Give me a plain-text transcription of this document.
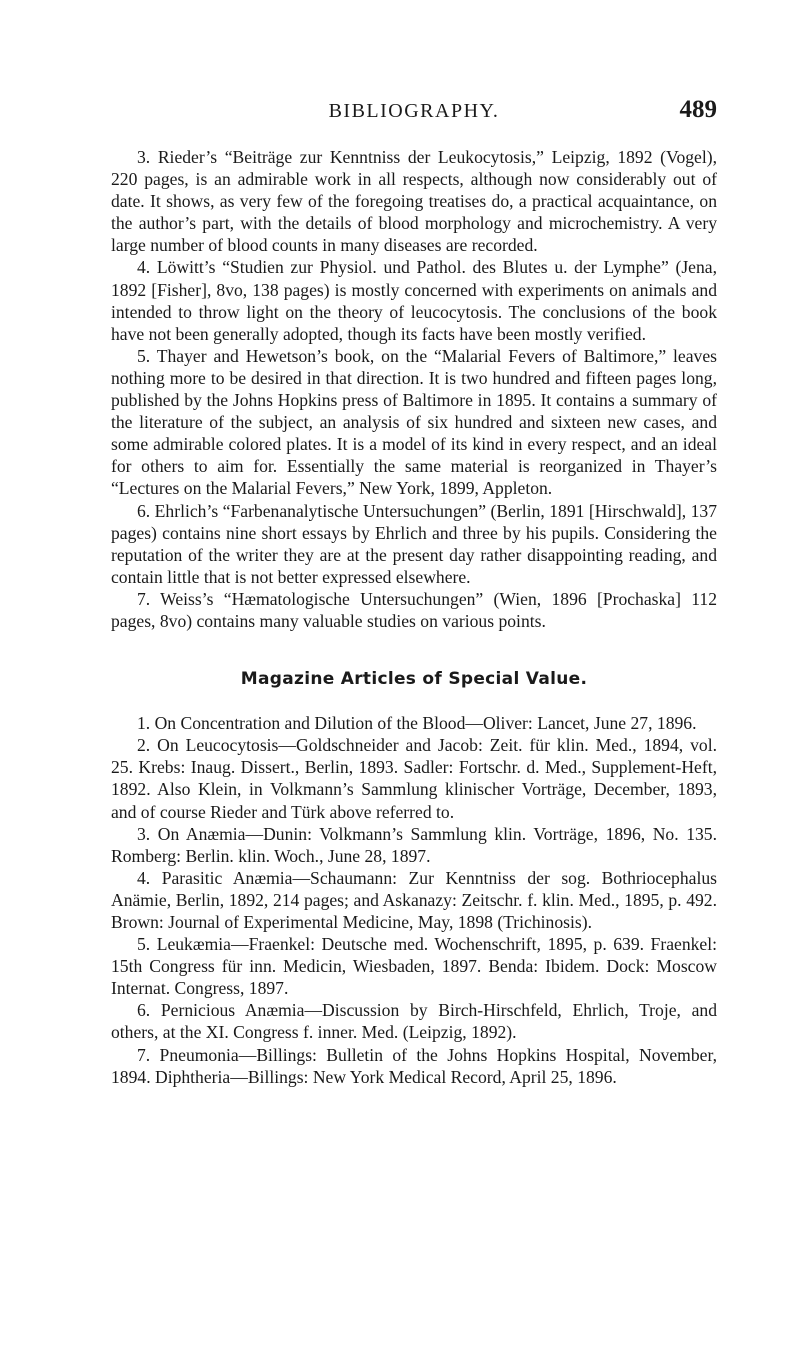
BIBLIOGRAPHY.	489

3. Rieder’s “Beiträge zur Kenntniss der Leukocytosis,” Leipzig, 1892 (Vogel), 220 pages, is an admirable work in all respects, although now considerably out of date. It shows, as very few of the foregoing treatises do, a practical acquaintance, on the author’s part, with the details of blood morphology and microchemistry. A very large number of blood counts in many diseases are recorded.

4. Löwitt’s “Studien zur Physiol. und Pathol. des Blutes u. der Lymphe” (Jena, 1892 [Fisher], 8vo, 138 pages) is mostly concerned with experiments on animals and intended to throw light on the theory of leucocytosis. The conclusions of the book have not been generally adopted, though its facts have been mostly verified.

5. Thayer and Hewetson’s book, on the “Malarial Fevers of Baltimore,” leaves nothing more to be desired in that direction. It is two hundred and fifteen pages long, published by the Johns Hopkins press of Baltimore in 1895. It contains a summary of the literature of the subject, an analysis of six hundred and sixteen new cases, and some admirable colored plates. It is a model of its kind in every respect, and an ideal for others to aim for. Essentially the same material is reorganized in Thayer’s “Lectures on the Malarial Fevers,” New York, 1899, Appleton.

6. Ehrlich’s “Farbenanalytische Untersuchungen” (Berlin, 1891 [Hirschwald], 137 pages) contains nine short essays by Ehrlich and three by his pupils. Considering the reputation of the writer they are at the present day rather disappointing reading, and contain little that is not better expressed elsewhere.

7. Weiss’s “Hæmatologische Untersuchungen” (Wien, 1896 [Prochaska] 112 pages, 8vo) contains many valuable studies on various points.

Magazine Articles of Special Value.

1. On Concentration and Dilution of the Blood—Oliver: Lancet, June 27, 1896.

2. On Leucocytosis—Goldschneider and Jacob: Zeit. für klin. Med., 1894, vol. 25. Krebs: Inaug. Dissert., Berlin, 1893. Sadler: Fortschr. d. Med., Supplement-Heft, 1892. Also Klein, in Volkmann’s Sammlung klinischer Vorträge, December, 1893, and of course Rieder and Türk above referred to.

3. On Anæmia—Dunin: Volkmann’s Sammlung klin. Vorträge, 1896, No. 135. Romberg: Berlin. klin. Woch., June 28, 1897.

4. Parasitic Anæmia—Schaumann: Zur Kenntniss der sog. Bothriocephalus Anämie, Berlin, 1892, 214 pages; and Askanazy: Zeitschr. f. klin. Med., 1895, p. 492. Brown: Journal of Experimental Medicine, May, 1898 (Trichinosis).

5. Leukæmia—Fraenkel: Deutsche med. Wochenschrift, 1895, p. 639. Fraenkel: 15th Congress für inn. Medicin, Wiesbaden, 1897. Benda: Ibidem. Dock: Moscow Internat. Congress, 1897.

6. Pernicious Anæmia—Discussion by Birch-Hirschfeld, Ehrlich, Troje, and others, at the XI. Congress f. inner. Med. (Leipzig, 1892).

7. Pneumonia—Billings: Bulletin of the Johns Hopkins Hospital, November, 1894. Diphtheria—Billings: New York Medical Record, April 25, 1896.
